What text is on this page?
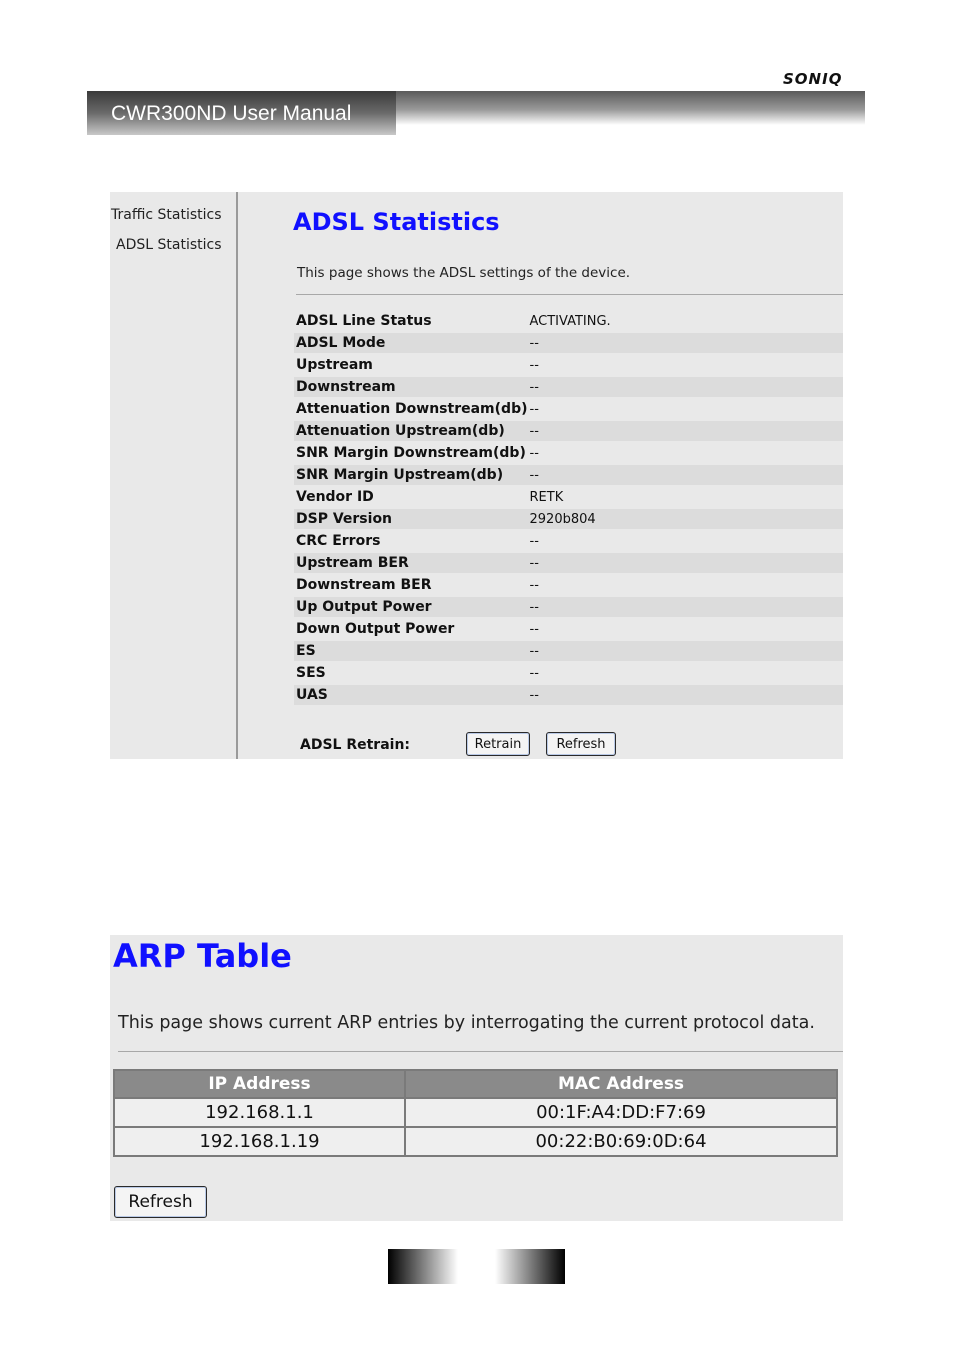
SONIQ
CWR300ND User Manual
Traffic Statistics
ADSL Statistics
ADSL Statistics
This page shows the ADSL settings of the device.
ADSL Line Status	ACTIVATING.
ADSL Mode	--
Upstream	--
Downstream	--
Attenuation Downstream(db)	--
Attenuation Upstream(db)	--
SNR Margin Downstream(db)	--
SNR Margin Upstream(db)	--
Vendor ID	RETK
DSP Version	2920b804
CRC Errors	--
Upstream BER	--
Downstream BER	--
Up Output Power	--
Down Output Power	--
ES	--
SES	--
UAS	--
ADSL Retrain:	Retrain	Refresh
ARP Table
This page shows current ARP entries by interrogating the current protocol data.
IP Address	MAC Address
192.168.1.1	00:1F:A4:DD:F7:69
192.168.1.19	00:22:B0:69:0D:64
Refresh
